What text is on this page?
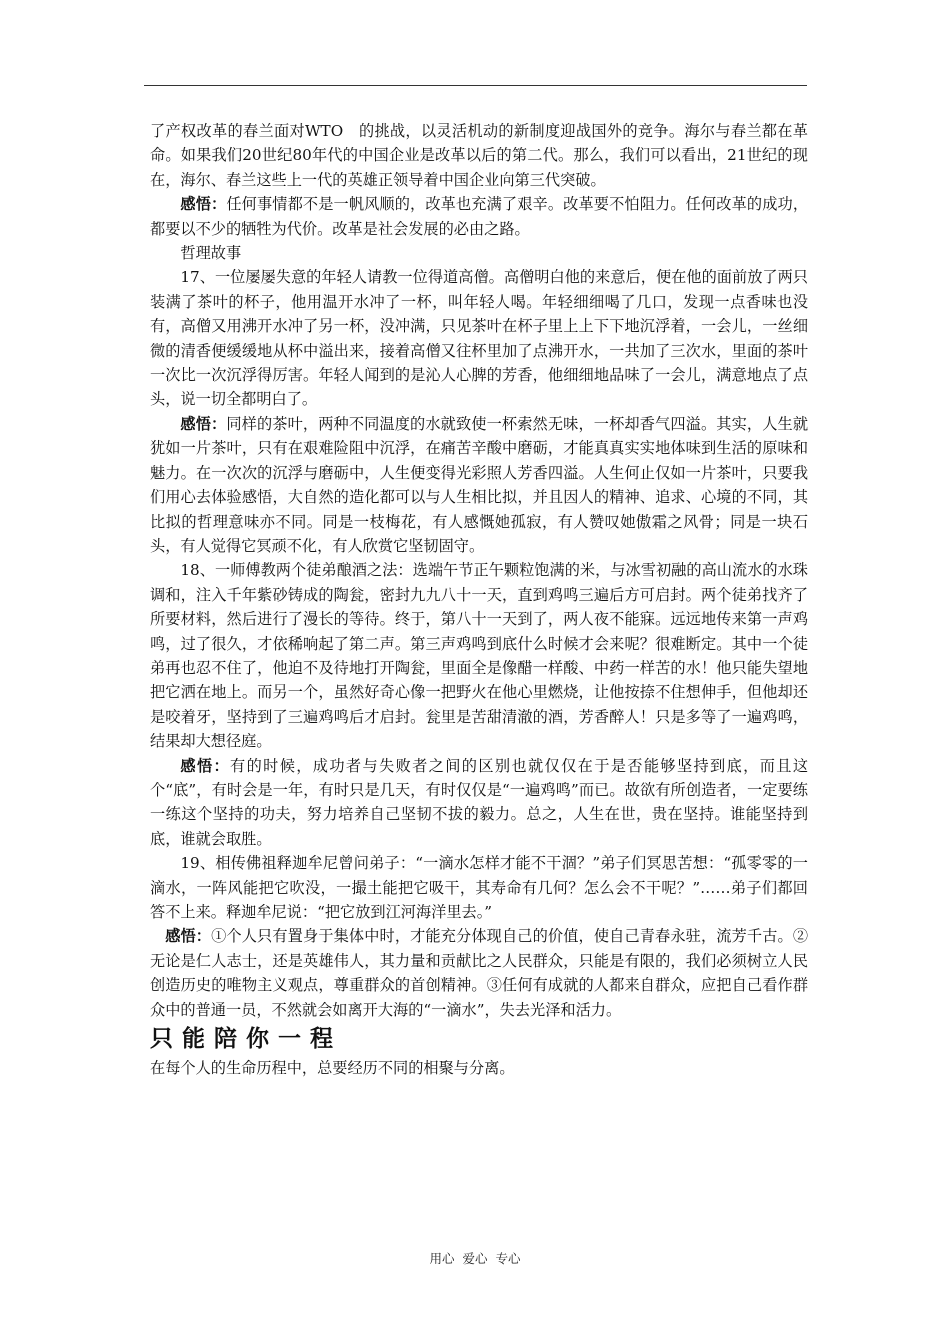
了产权改革的春兰面对WTO　的挑战，以灵活机动的新制度迎战国外的竞争。海尔与春兰都在革命。如果我们20世纪80年代的中国企业是改革以后的第二代。那么，我们可以看出，21世纪的现在，海尔、春兰这些上一代的英雄正领导着中国企业向第三代突破。

感悟：任何事情都不是一帆风顺的，改革也充满了艰辛。改革要不怕阻力。任何改革的成功，都要以不少的牺牲为代价。改革是社会发展的必由之路。

哲理故事

17、一位屡屡失意的年轻人请教一位得道高僧。高僧明白他的来意后，便在他的面前放了两只装满了茶叶的杯子，他用温开水冲了一杯，叫年轻人喝。年轻细细喝了几口，发现一点香味也没有，高僧又用沸开水冲了另一杯，没冲满，只见茶叶在杯子里上上下下地沉浮着，一会儿，一丝细微的清香便缓缓地从杯中溢出来，接着高僧又往杯里加了点沸开水，一共加了三次水，里面的茶叶一次比一次沉浮得厉害。年轻人闻到的是沁人心脾的芳香，他细细地品味了一会儿，满意地点了点头，说一切全都明白了。

感悟：同样的茶叶，两种不同温度的水就致使一杯索然无味，一杯却香气四溢。其实，人生就犹如一片茶叶，只有在艰难险阻中沉浮，在痛苦辛酸中磨砺，才能真真实实地体味到生活的原味和魅力。在一次次的沉浮与磨砺中，人生便变得光彩照人芳香四溢。人生何止仅如一片茶叶，只要我们用心去体验感悟，大自然的造化都可以与人生相比拟，并且因人的精神、追求、心境的不同，其比拟的哲理意味亦不同。同是一枝梅花，有人感慨她孤寂，有人赞叹她傲霜之风骨；同是一块石头，有人觉得它冥顽不化，有人欣赏它坚韧固守。

18、一师傅教两个徒弟酿酒之法：选端午节正午颗粒饱满的米，与冰雪初融的高山流水的水珠调和，注入千年紫砂铸成的陶瓮，密封九九八十一天，直到鸡鸣三遍后方可启封。两个徒弟找齐了所要材料，然后进行了漫长的等待。终于，第八十一天到了，两人夜不能寐。远远地传来第一声鸡鸣，过了很久，才依稀响起了第二声。第三声鸡鸣到底什么时候才会来呢？很难断定。其中一个徒弟再也忍不住了，他迫不及待地打开陶瓮，里面全是像醋一样酸、中药一样苦的水！他只能失望地把它洒在地上。而另一个，虽然好奇心像一把野火在他心里燃烧，让他按捺不住想伸手，但他却还是咬着牙，坚持到了三遍鸡鸣后才启封。瓮里是苦甜清澈的酒，芳香醉人！只是多等了一遍鸡鸣，结果却大想径庭。

感悟：有的时候，成功者与失败者之间的区别也就仅仅在于是否能够坚持到底，而且这个“底”，有时会是一年，有时只是几天，有时仅仅是“一遍鸡鸣”而已。故欲有所创造者，一定要练一练这个坚持的功夫，努力培养自己坚韧不拔的毅力。总之，人生在世，贵在坚持。谁能坚持到底，谁就会取胜。

19、相传佛祖释迦牟尼曾问弟子：“一滴水怎样才能不干涸？”弟子们冥思苦想：“孤零零的一滴水，一阵风能把它吹没，一撮土能把它吸干，其寿命有几何？怎么会不干呢？”……弟子们都回答不上来。释迦牟尼说：“把它放到江河海洋里去。”

感悟：①个人只有置身于集体中时，才能充分体现自己的价值，使自己青春永驻，流芳千古。②无论是仁人志士，还是英雄伟人，其力量和贡献比之人民群众，只能是有限的，我们必须树立人民创造历史的唯物主义观点，尊重群众的首创精神。③任何有成就的人都来自群众，应把自己看作群众中的普通一员，不然就会如离开大海的“一滴水”，失去光泽和活力。

只能陪你一程

在每个人的生命历程中，总要经历不同的相聚与分离。

用心 爱心 专心
